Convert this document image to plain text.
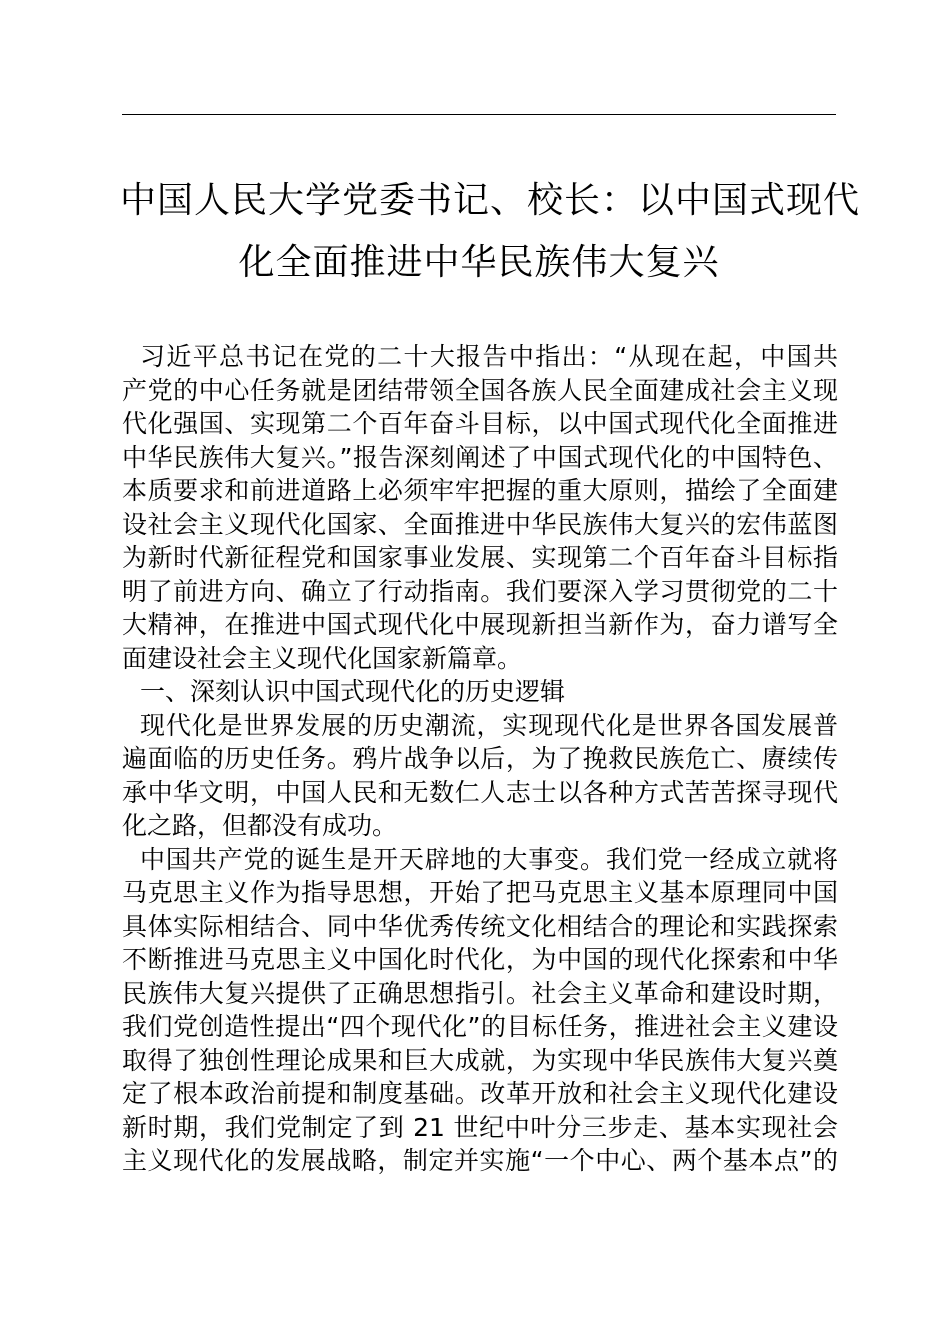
中国人民大学党委书记、校长：以中国式现代
化全面推进中华民族伟大复兴
习近平总书记在党的二十大报告中指出：“从现在起，中国共
产党的中心任务就是团结带领全国各族人民全面建成社会主义现
代化强国、实现第二个百年奋斗目标，以中国式现代化全面推进
中华民族伟大复兴。”报告深刻阐述了中国式现代化的中国特色、
本质要求和前进道路上必须牢牢把握的重大原则，描绘了全面建
设社会主义现代化国家、全面推进中华民族伟大复兴的宏伟蓝图
为新时代新征程党和国家事业发展、实现第二个百年奋斗目标指
明了前进方向、确立了行动指南。我们要深入学习贯彻党的二十
大精神，在推进中国式现代化中展现新担当新作为，奋力谱写全
面建设社会主义现代化国家新篇章。
一、深刻认识中国式现代化的历史逻辑
现代化是世界发展的历史潮流，实现现代化是世界各国发展普
遍面临的历史任务。鸦片战争以后，为了挽救民族危亡、赓续传
承中华文明，中国人民和无数仁人志士以各种方式苦苦探寻现代
化之路，但都没有成功。
中国共产党的诞生是开天辟地的大事变。我们党一经成立就将
马克思主义作为指导思想，开始了把马克思主义基本原理同中国
具体实际相结合、同中华优秀传统文化相结合的理论和实践探索
不断推进马克思主义中国化时代化，为中国的现代化探索和中华
民族伟大复兴提供了正确思想指引。社会主义革命和建设时期，
我们党创造性提出“四个现代化”的目标任务，推进社会主义建设
取得了独创性理论成果和巨大成就，为实现中华民族伟大复兴奠
定了根本政治前提和制度基础。改革开放和社会主义现代化建设
新时期，我们党制定了到 21 世纪中叶分三步走、基本实现社会
主义现代化的发展战略，制定并实施“一个中心、两个基本点”的
